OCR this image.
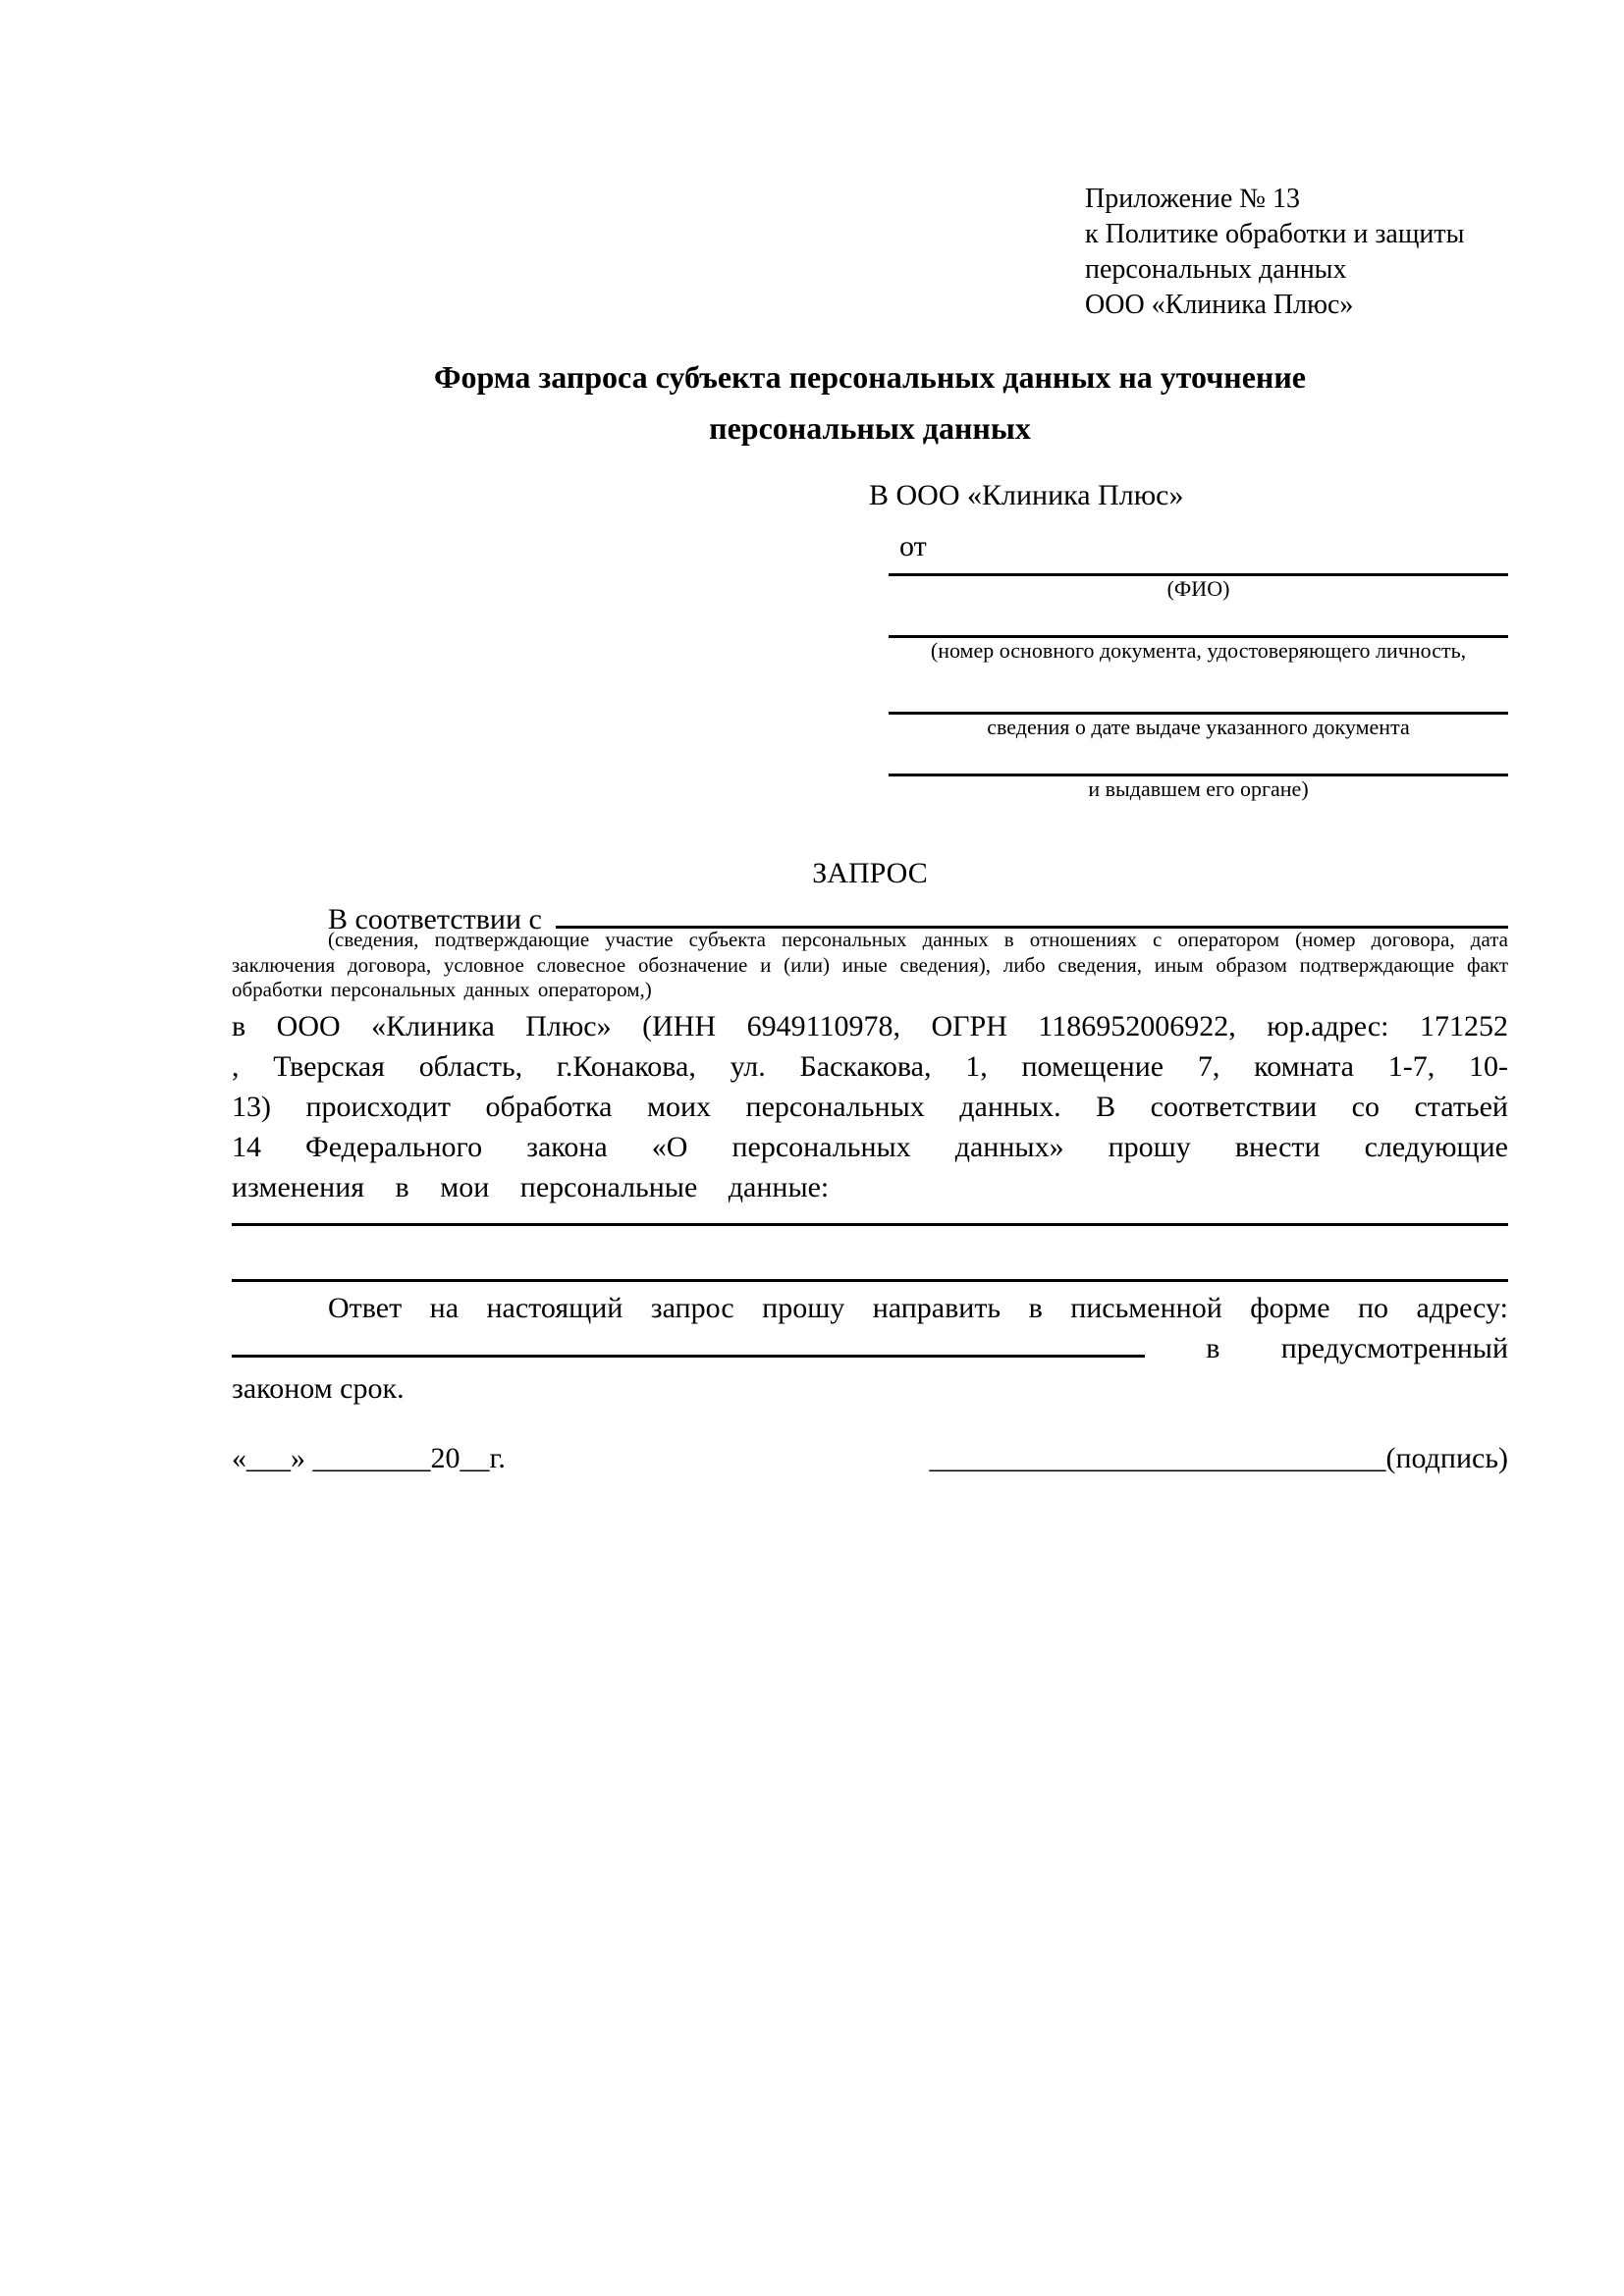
Приложение № 13
к Политике обработки и защиты
персональных данных
ООО «Клиника Плюс»
Форма запроса субъекта персональных данных на уточнение персональных данных
В ООО «Клиника Плюс»
от
(ФИО)
(номер основного документа, удостоверяющего личность,
сведения о дате выдаче указанного документа
и выдавшем его органе)
ЗАПРОС
В соответствии с
(сведения, подтверждающие участие субъекта персональных данных в отношениях с оператором (номер договора, дата заключения договора, условное словесное обозначение и (или) иные сведения), либо сведения, иным образом подтверждающие факт обработки персональных данных оператором,)
в ООО «Клиника Плюс» (ИНН 6949110978, ОГРН 1186952006922, юр.адрес: 171252 , Тверская область, г.Конакова, ул. Баскакова, 1, помещение 7, комната 1-7, 10-13) происходит обработка моих персональных данных. В соответствии со статьей 14 Федерального закона «О персональных данных» прошу внести следующие изменения в мои персональные данные:
Ответ на настоящий запрос прошу направить в письменной форме по адресу:  в предусмотренный законом срок.
«___» ________20__г.	_______________________________(подпись)
